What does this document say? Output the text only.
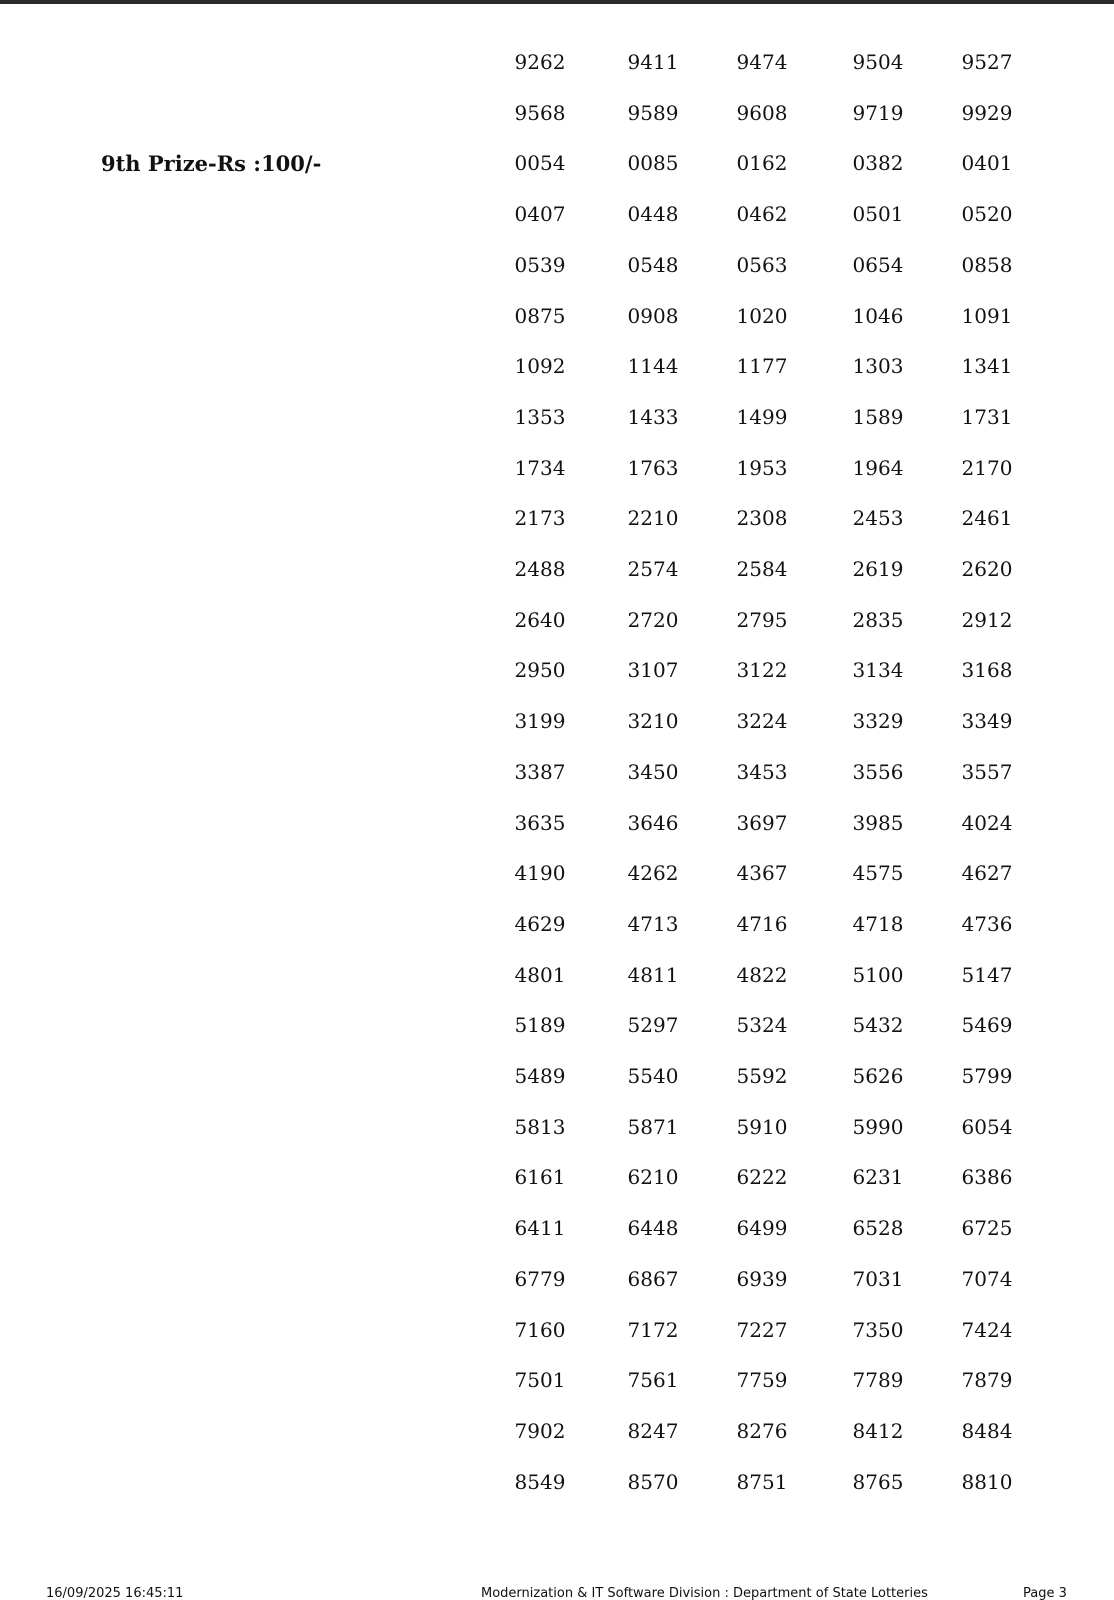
9th Prize-Rs :100/-
9262	9411	9474	9504	9527
9568	9589	9608	9719	9929
0054	0085	0162	0382	0401
0407	0448	0462	0501	0520
0539	0548	0563	0654	0858
0875	0908	1020	1046	1091
1092	1144	1177	1303	1341
1353	1433	1499	1589	1731
1734	1763	1953	1964	2170
2173	2210	2308	2453	2461
2488	2574	2584	2619	2620
2640	2720	2795	2835	2912
2950	3107	3122	3134	3168
3199	3210	3224	3329	3349
3387	3450	3453	3556	3557
3635	3646	3697	3985	4024
4190	4262	4367	4575	4627
4629	4713	4716	4718	4736
4801	4811	4822	5100	5147
5189	5297	5324	5432	5469
5489	5540	5592	5626	5799
5813	5871	5910	5990	6054
6161	6210	6222	6231	6386
6411	6448	6499	6528	6725
6779	6867	6939	7031	7074
7160	7172	7227	7350	7424
7501	7561	7759	7789	7879
7902	8247	8276	8412	8484
8549	8570	8751	8765	8810
16/09/2025 16:45:11	Modernization & IT Software Division : Department of State Lotteries	Page 3
